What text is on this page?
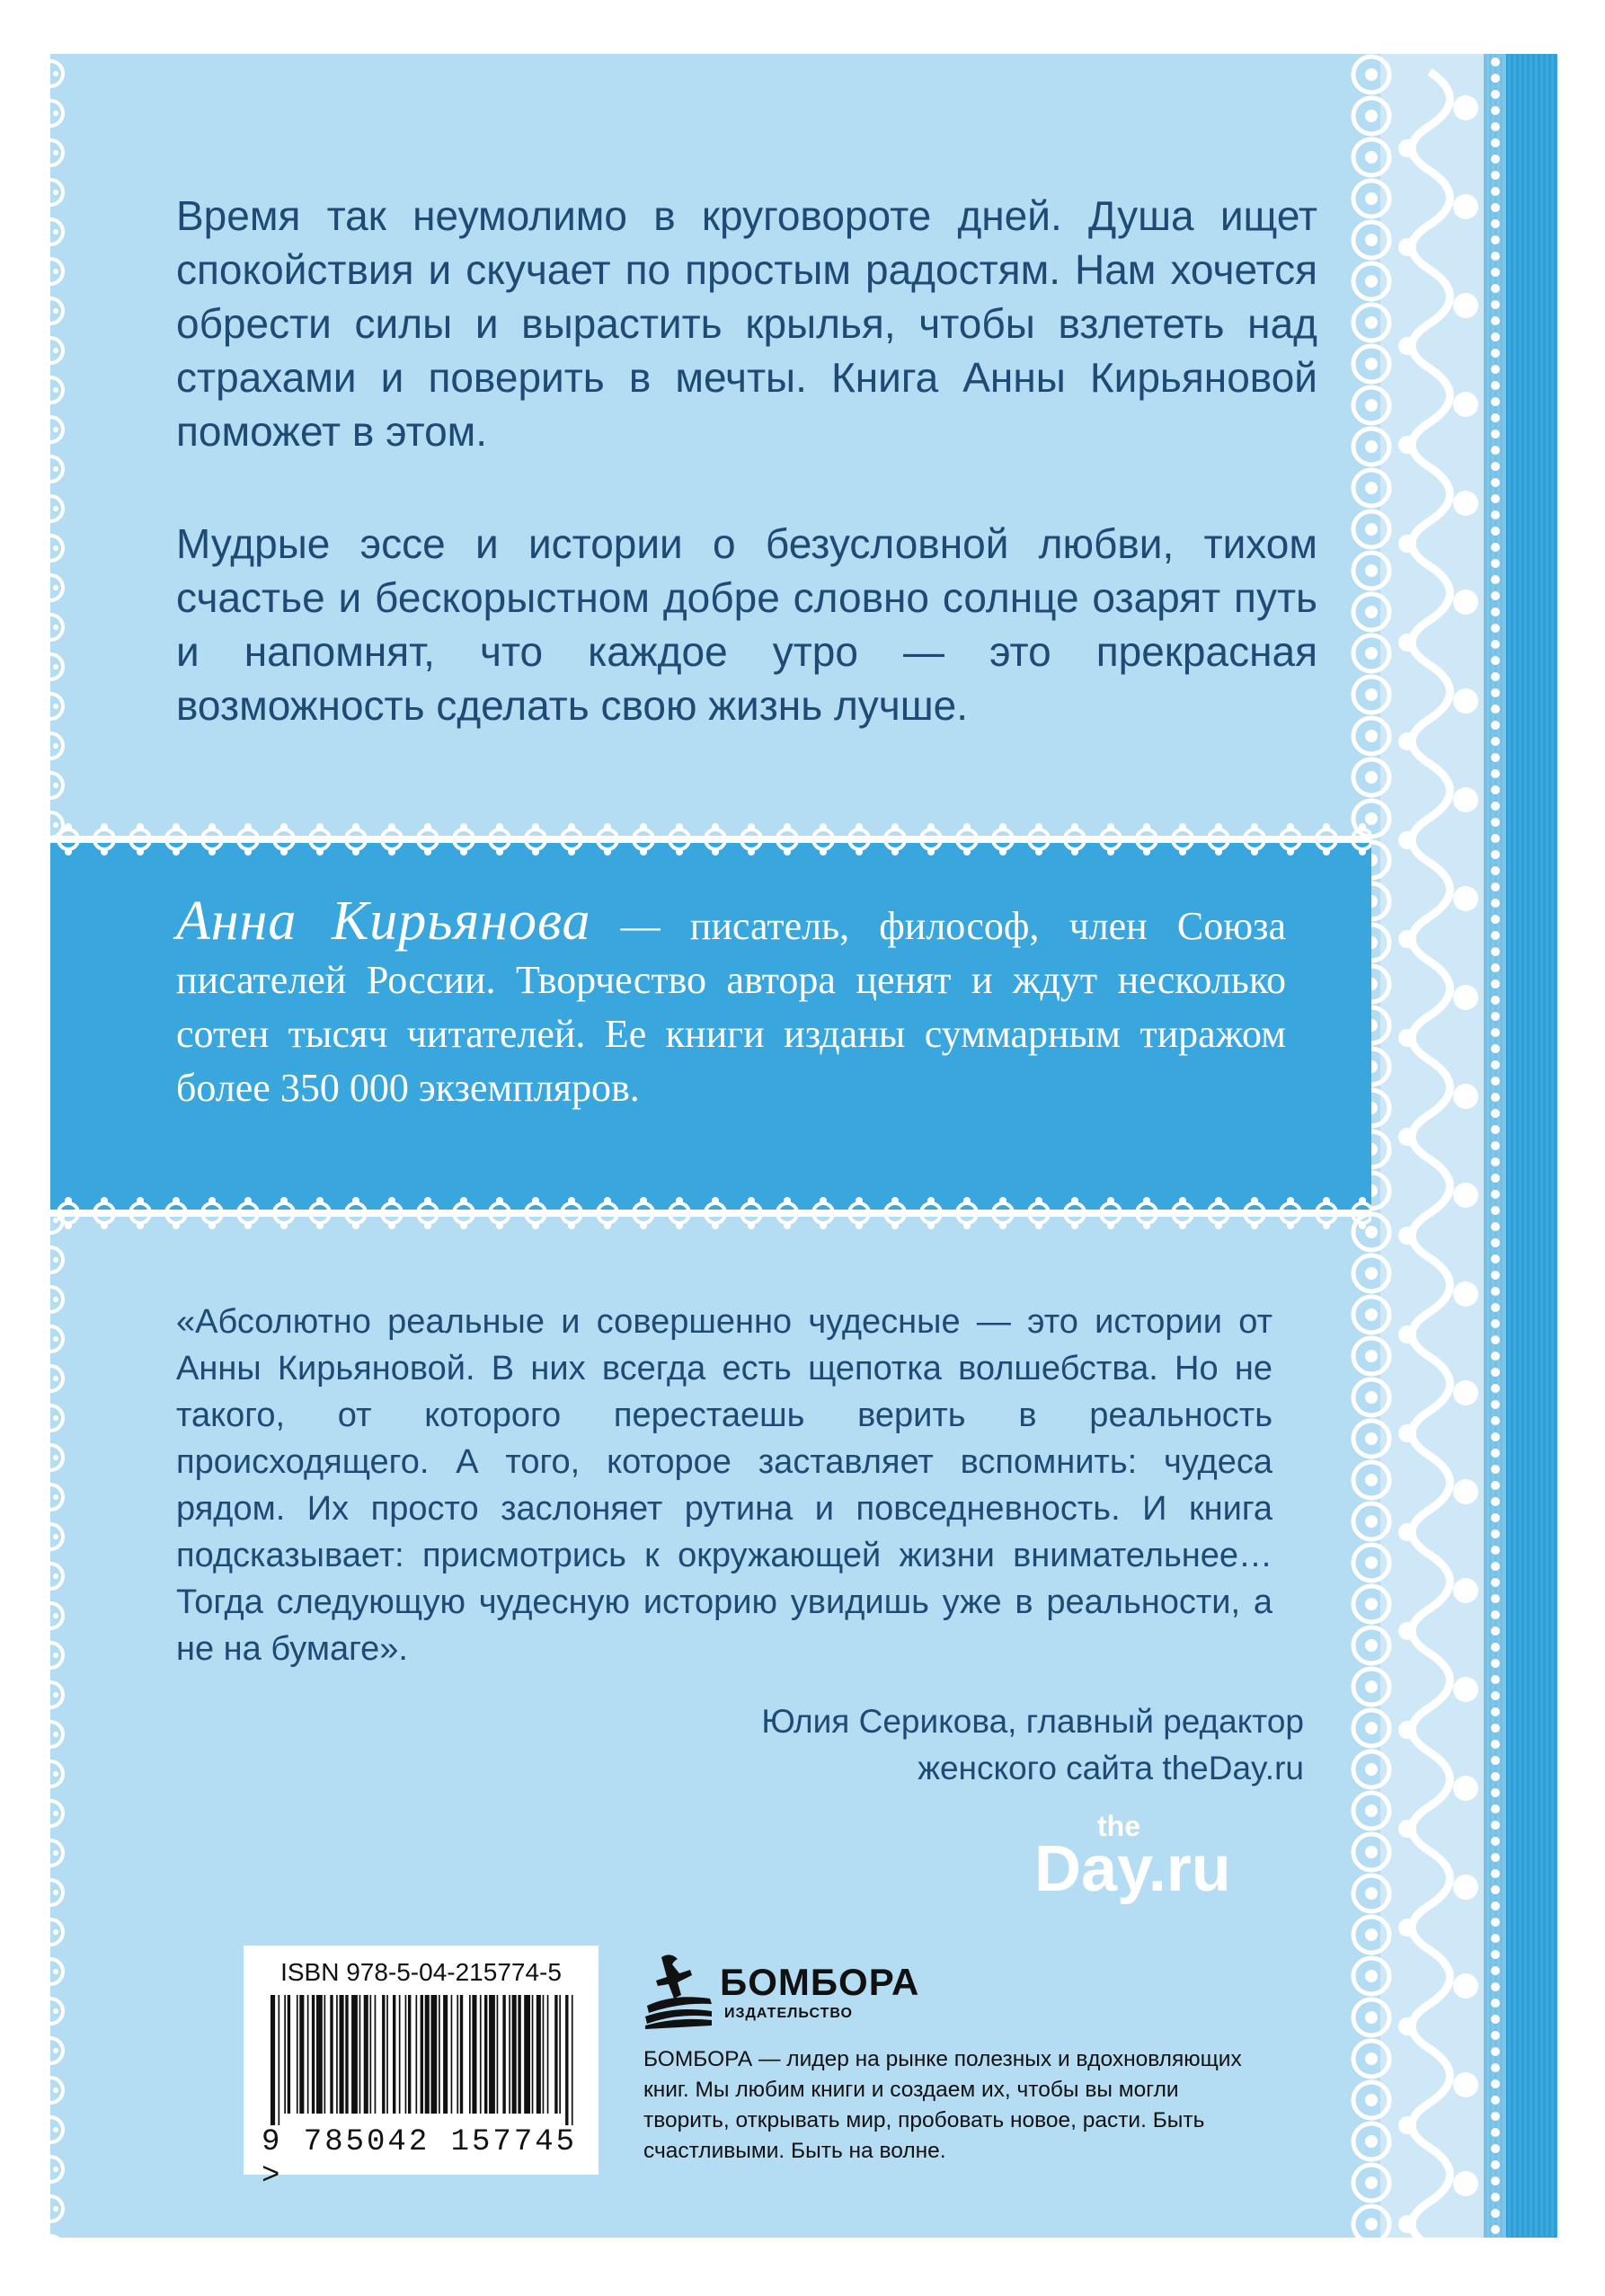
Время так неумолимо в круговороте дней. Душа ищет спокойствия и скучает по простым радостям. Нам хочется обрести силы и вырастить крылья, чтобы взлететь над страхами и поверить в мечты. Книга Анны Кирьяновой поможет в этом.

Мудрые эссе и истории о безусловной любви, тихом счастье и бескорыстном добре словно солнце озарят путь и напомнят, что каждое утро — это прекрасная возможность сделать свою жизнь лучше.

Анна Кирьянова — писатель, философ, член Союза писателей России. Творчество автора ценят и ждут несколько сотен тысяч читателей. Ее книги изданы суммарным тиражом более 350 000 экземпляров.

«Абсолютно реальные и совершенно чудесные — это истории от Анны Кирьяновой. В них всегда есть щепотка волшебства. Но не такого, от которого перестаешь верить в реальность происходящего. А того, которое заставляет вспомнить: чудеса рядом. Их просто заслоняет рутина и повседневность. И книга подсказывает: присмотрись к окружающей жизни внимательнее… Тогда следующую чудесную историю увидишь уже в реальности, а не на бумаге».

Юлия Серикова, главный редактор
женского сайта theDay.ru

the
Day.ru
ISBN 978-5-04-215774-5
9 785042 157745 >
БОМБОРА
ИЗДАТЕЛЬСТВО

БОМБОРА — лидер на рынке полезных и вдохновляющих книг. Мы любим книги и создаем их, чтобы вы могли творить, открывать мир, пробовать новое, расти. Быть счастливыми. Быть на волне.
